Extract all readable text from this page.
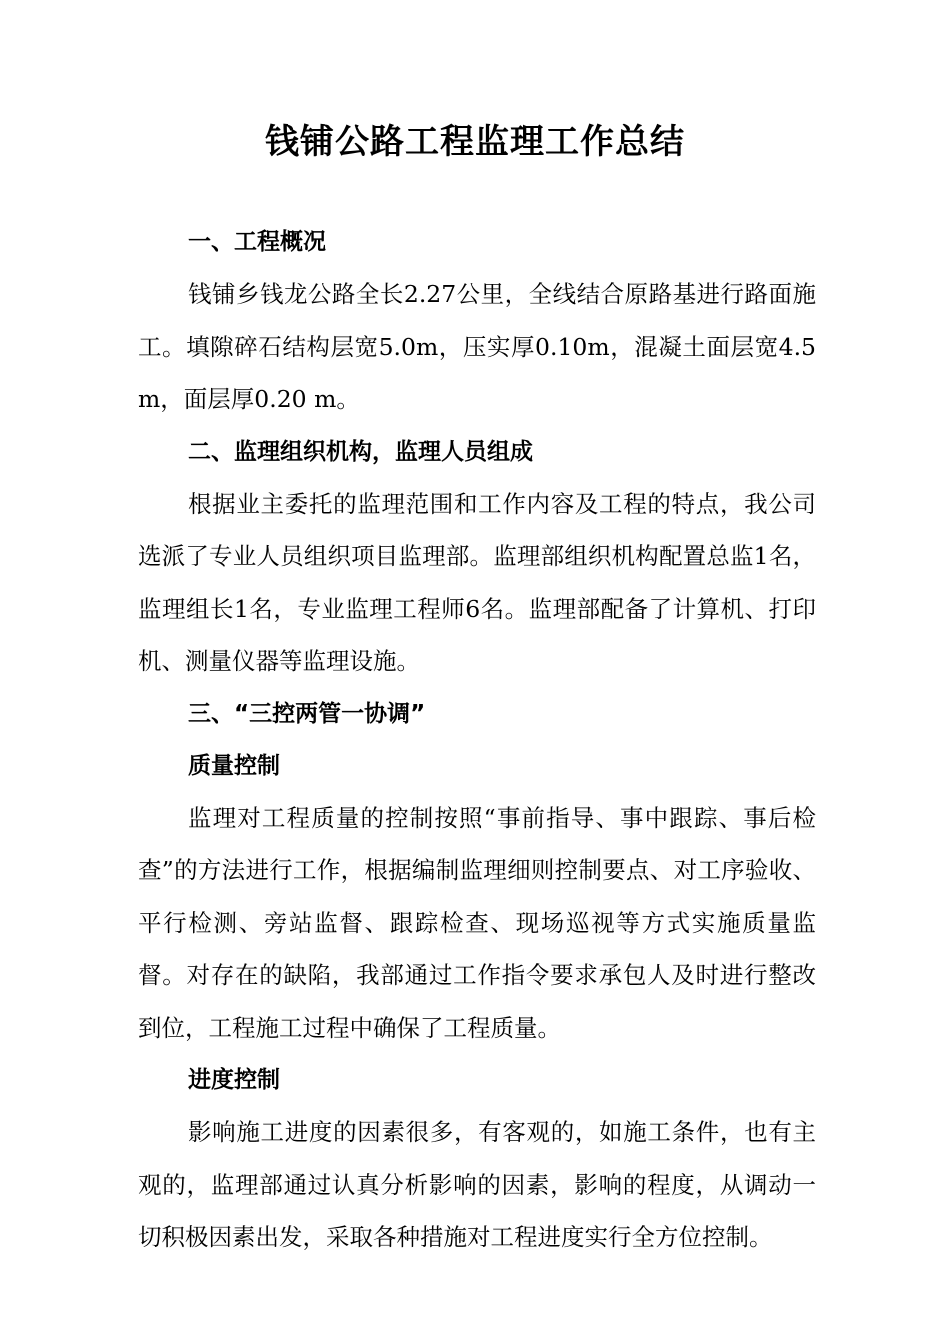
钱铺公路工程监理工作总结
一、工程概况

钱铺乡钱龙公路全长2.27公里，全线结合原路基进行路面施工。填隙碎石结构层宽5.0m，压实厚0.10m，混凝土面层宽4.5m，面层厚0.20 m。

二、监理组织机构，监理人员组成

根据业主委托的监理范围和工作内容及工程的特点，我公司选派了专业人员组织项目监理部。监理部组织机构配置总监1名，监理组长1名，专业监理工程师6名。监理部配备了计算机、打印机、测量仪器等监理设施。

三、“三控两管一协调”
质量控制

监理对工程质量的控制按照“事前指导、事中跟踪、事后检查”的方法进行工作，根据编制监理细则控制要点、对工序验收、平行检测、旁站监督、跟踪检查、现场巡视等方式实施质量监督。对存在的缺陷，我部通过工作指令要求承包人及时进行整改到位，工程施工过程中确保了工程质量。

进度控制

影响施工进度的因素很多，有客观的，如施工条件，也有主观的，监理部通过认真分析影响的因素，影响的程度，从调动一切积极因素出发，采取各种措施对工程进度实行全方位控制。
